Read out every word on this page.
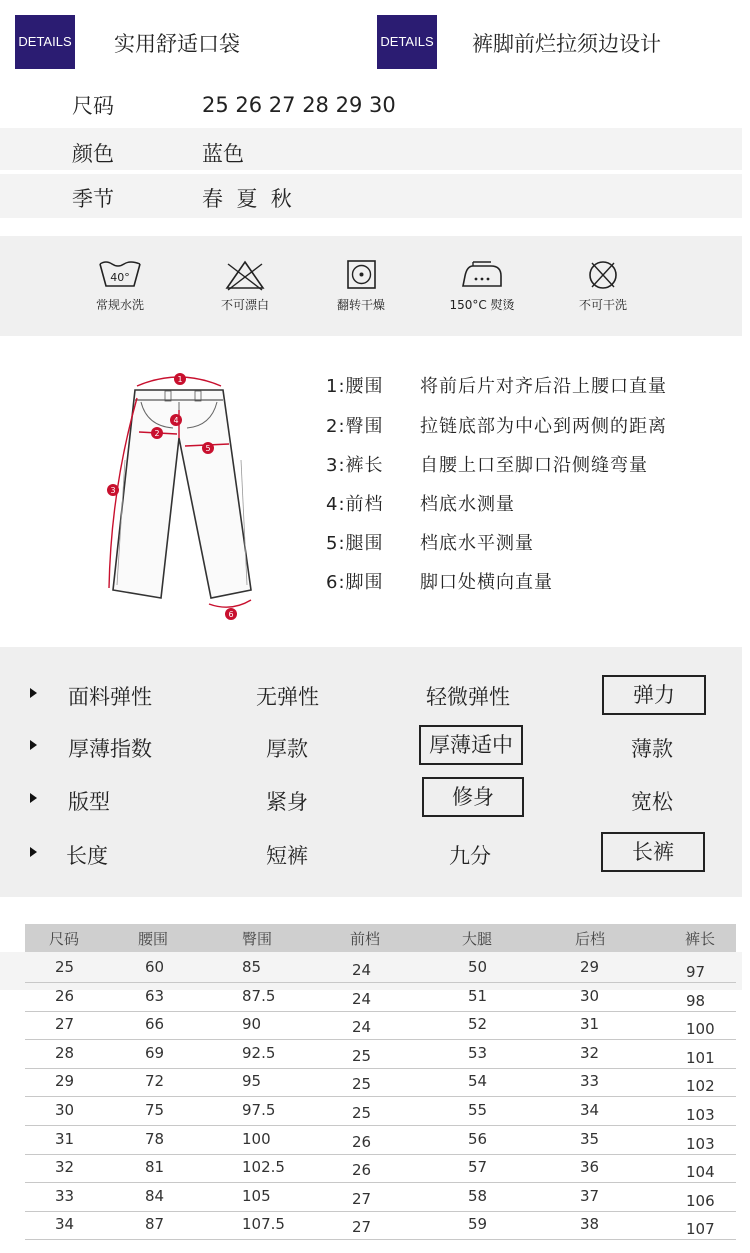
DETAILS 实用舒适口袋	DETAILS 裤脚前烂拉须边设计
尺码	25 26 27 28 29 30
颜色	蓝色
季节	春  夏  秋
40°
常规水洗	不可漂白	翻转干燥	150°C 熨烫	不可干洗
1
2
3
4
5
6
1:腰围 将前后片对齐后沿上腰口直量
2:臀围 拉链底部为中心到两侧的距离
3:裤长 自腰上口至脚口沿侧缝弯量
4:前档 档底水测量
5:腿围 档底水平测量
6:脚围 脚口处横向直量
面料弹性	无弹性	轻微弹性	弹力
厚薄指数	厚款	厚薄适中	薄款
版型	紧身	修身	宽松
长度	短裤	九分	长裤
尺码	腰围	臀围	前档	大腿	后档	裤长
25	60	85	24	50	29	97
26	63	87.5	24	51	30	98
27	66	90	24	52	31	100
28	69	92.5	25	53	32	101
29	72	95	25	54	33	102
30	75	97.5	25	55	34	103
31	78	100	26	56	35	103
32	81	102.5	26	57	36	104
33	84	105	27	58	37	106
34	87	107.5	27	59	38	107
